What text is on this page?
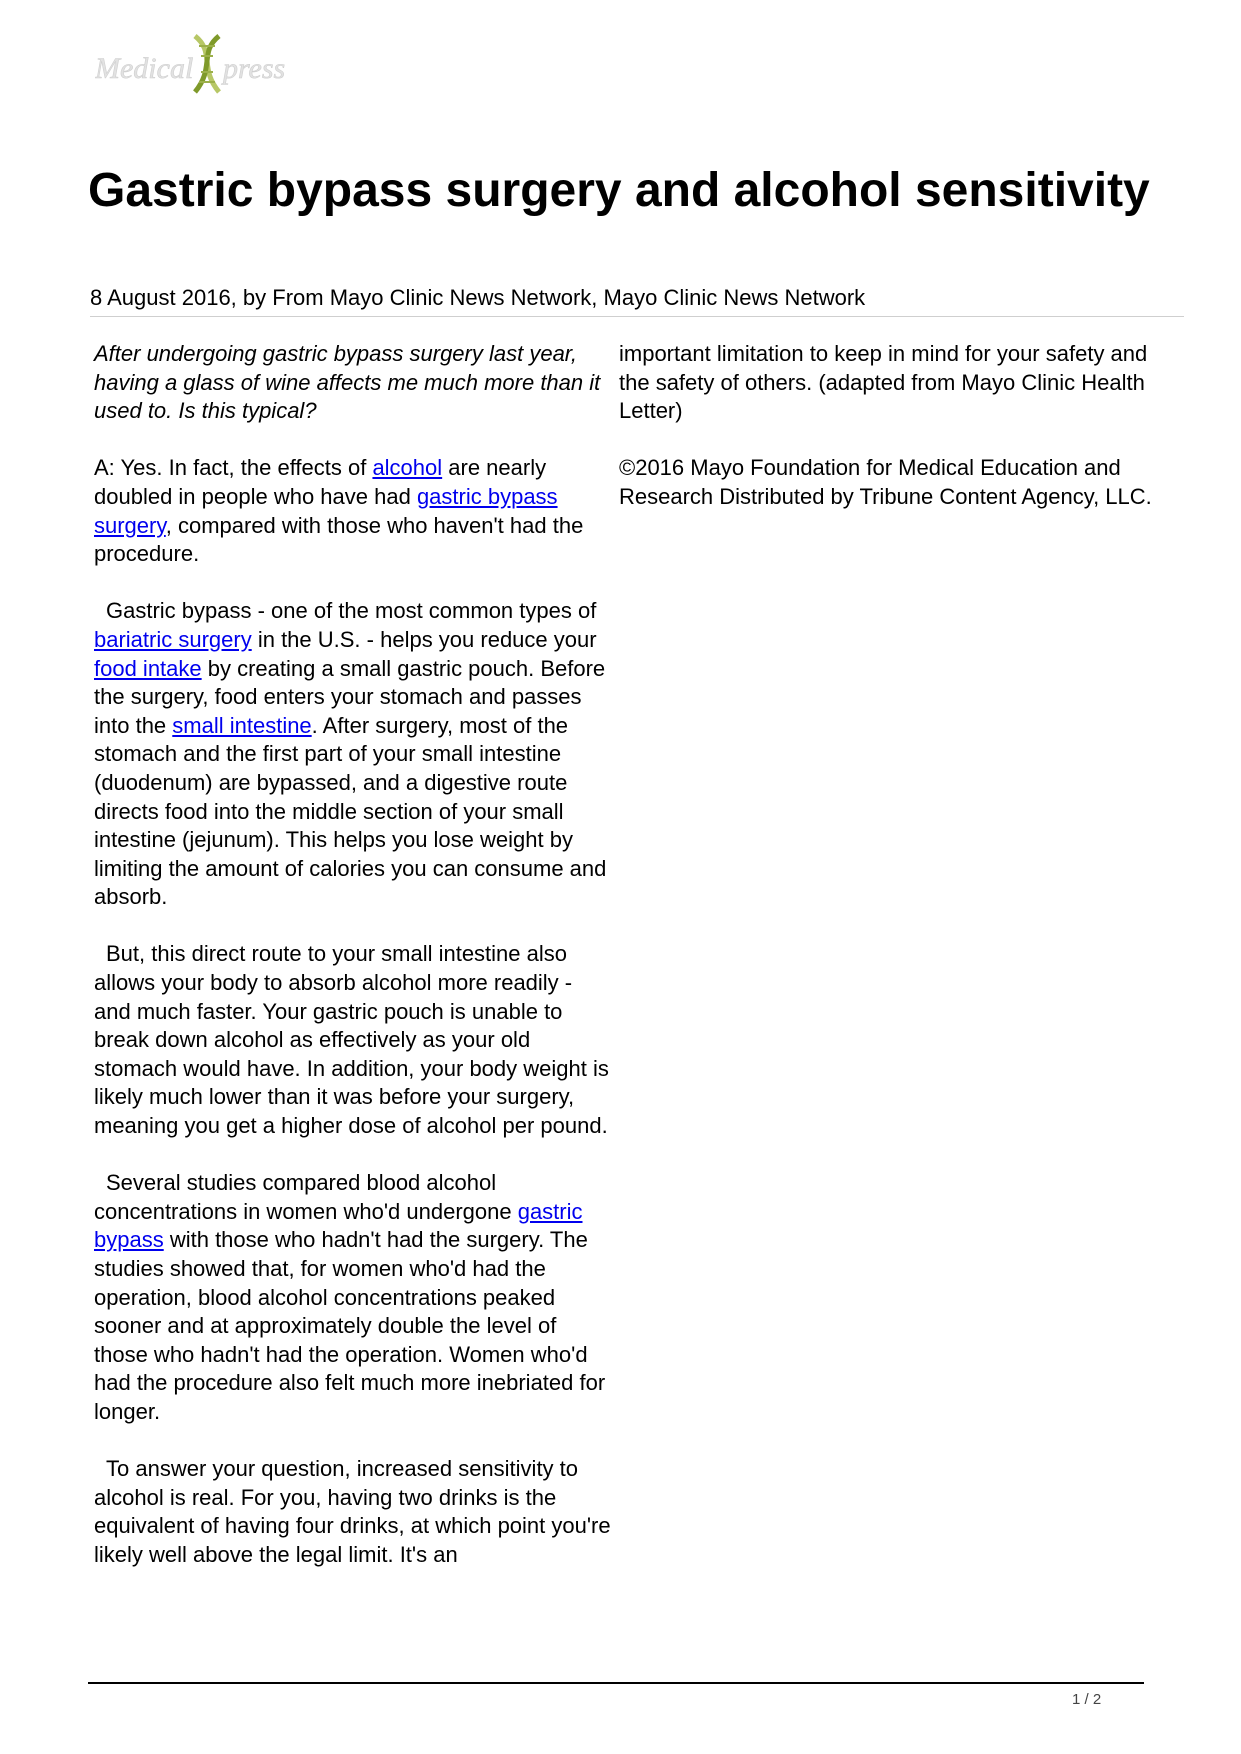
Medical press
Gastric bypass surgery and alcohol sensitivity
8 August 2016, by From Mayo Clinic News Network, Mayo Clinic News Network

After undergoing gastric bypass surgery last year, having a glass of wine affects me much more than it used to. Is this typical?

A: Yes. In fact, the effects of alcohol are nearly doubled in people who have had gastric bypass surgery, compared with those who haven't had the procedure.

Gastric bypass - one of the most common types of bariatric surgery in the U.S. - helps you reduce your food intake by creating a small gastric pouch. Before the surgery, food enters your stomach and passes into the small intestine. After surgery, most of the stomach and the first part of your small intestine (duodenum) are bypassed, and a digestive route directs food into the middle section of your small intestine (jejunum). This helps you lose weight by limiting the amount of calories you can consume and absorb.

But, this direct route to your small intestine also allows your body to absorb alcohol more readily - and much faster. Your gastric pouch is unable to break down alcohol as effectively as your old stomach would have. In addition, your body weight is likely much lower than it was before your surgery, meaning you get a higher dose of alcohol per pound.

Several studies compared blood alcohol concentrations in women who'd undergone gastric bypass with those who hadn't had the surgery. The studies showed that, for women who'd had the operation, blood alcohol concentrations peaked sooner and at approximately double the level of those who hadn't had the operation. Women who'd had the procedure also felt much more inebriated for longer.

To answer your question, increased sensitivity to alcohol is real. For you, having two drinks is the equivalent of having four drinks, at which point you're likely well above the legal limit. It's an

important limitation to keep in mind for your safety and the safety of others. (adapted from Mayo Clinic Health Letter)

©2016 Mayo Foundation for Medical Education and Research Distributed by Tribune Content Agency, LLC.

1 / 2
